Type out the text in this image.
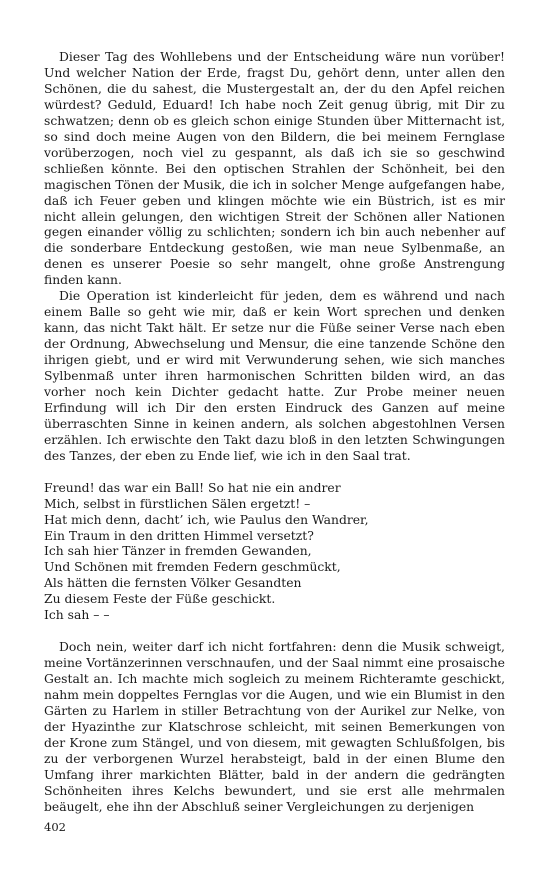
Dieser Tag des Wohllebens und der Entscheidung wäre nun vorüber! Und welcher Nation der Erde, fragst Du, gehört denn, unter allen den Schönen, die du sahest, die Mustergestalt an, der du den Apfel reichen würdest? Geduld, Eduard! Ich habe noch Zeit genug übrig, mit Dir zu schwatzen; denn ob es gleich schon einige Stunden über Mitternacht ist, so sind doch meine Augen von den Bildern, die bei meinem Fernglase vorüberzogen, noch viel zu gespannt, als daß ich sie so geschwind schließen könnte. Bei den optischen Strahlen der Schönheit, bei den magischen Tönen der Musik, die ich in solcher Menge aufgefangen habe, daß ich Feuer geben und klingen möchte wie ein Büstrich, ist es mir nicht allein gelungen, den wichtigen Streit der Schönen aller Nationen gegen einander völlig zu schlichten; sondern ich bin auch nebenher auf die sonderbare Entdeckung gestoßen, wie man neue Sylbenmaße, an denen es unserer Poesie so sehr mangelt, ohne große Anstrengung finden kann.

Die Operation ist kinderleicht für jeden, dem es während und nach einem Balle so geht wie mir, daß er kein Wort sprechen und denken kann, das nicht Takt hält. Er setze nur die Füße seiner Verse nach eben der Ordnung, Abwechselung und Mensur, die eine tanzende Schöne den ihrigen giebt, und er wird mit Verwunderung sehen, wie sich manches Sylbenmaß unter ihren harmonischen Schritten bilden wird, an das vorher noch kein Dichter gedacht hatte. Zur Probe meiner neuen Erfindung will ich Dir den ersten Eindruck des Ganzen auf meine überraschten Sinne in keinen andern, als solchen abgestohlnen Versen erzählen. Ich erwischte den Takt dazu bloß in den letzten Schwingungen des Tanzes, der eben zu Ende lief, wie ich in den Saal trat.

Freund! das war ein Ball! So hat nie ein andrer
Mich, selbst in fürstlichen Sälen ergetzt! –
Hat mich denn, dacht’ ich, wie Paulus den Wandrer,
Ein Traum in den dritten Himmel versetzt?
Ich sah hier Tänzer in fremden Gewanden,
Und Schönen mit fremden Federn geschmückt,
Als hätten die fernsten Völker Gesandten
Zu diesem Feste der Füße geschickt.
Ich sah – –

Doch nein, weiter darf ich nicht fortfahren: denn die Musik schweigt, meine Vortänzerinnen verschnaufen, und der Saal nimmt eine prosaische Gestalt an. Ich machte mich sogleich zu meinem Richteramte geschickt, nahm mein doppeltes Fernglas vor die Augen, und wie ein Blumist in den Gärten zu Harlem in stiller Betrachtung von der Aurikel zur Nelke, von der Hyazinthe zur Klatschrose schleicht, mit seinen Bemerkungen von der Krone zum Stängel, und von diesem, mit gewagten Schlußfolgen, bis zu der verborgenen Wurzel herabsteigt, bald in der einen Blume den Umfang ihrer markichten Blätter, bald in der andern die gedrängten Schönheiten ihres Kelchs bewundert, und sie erst alle mehrmalen beäugelt, ehe ihn der Abschluß seiner Vergleichungen zu derjenigen

402
